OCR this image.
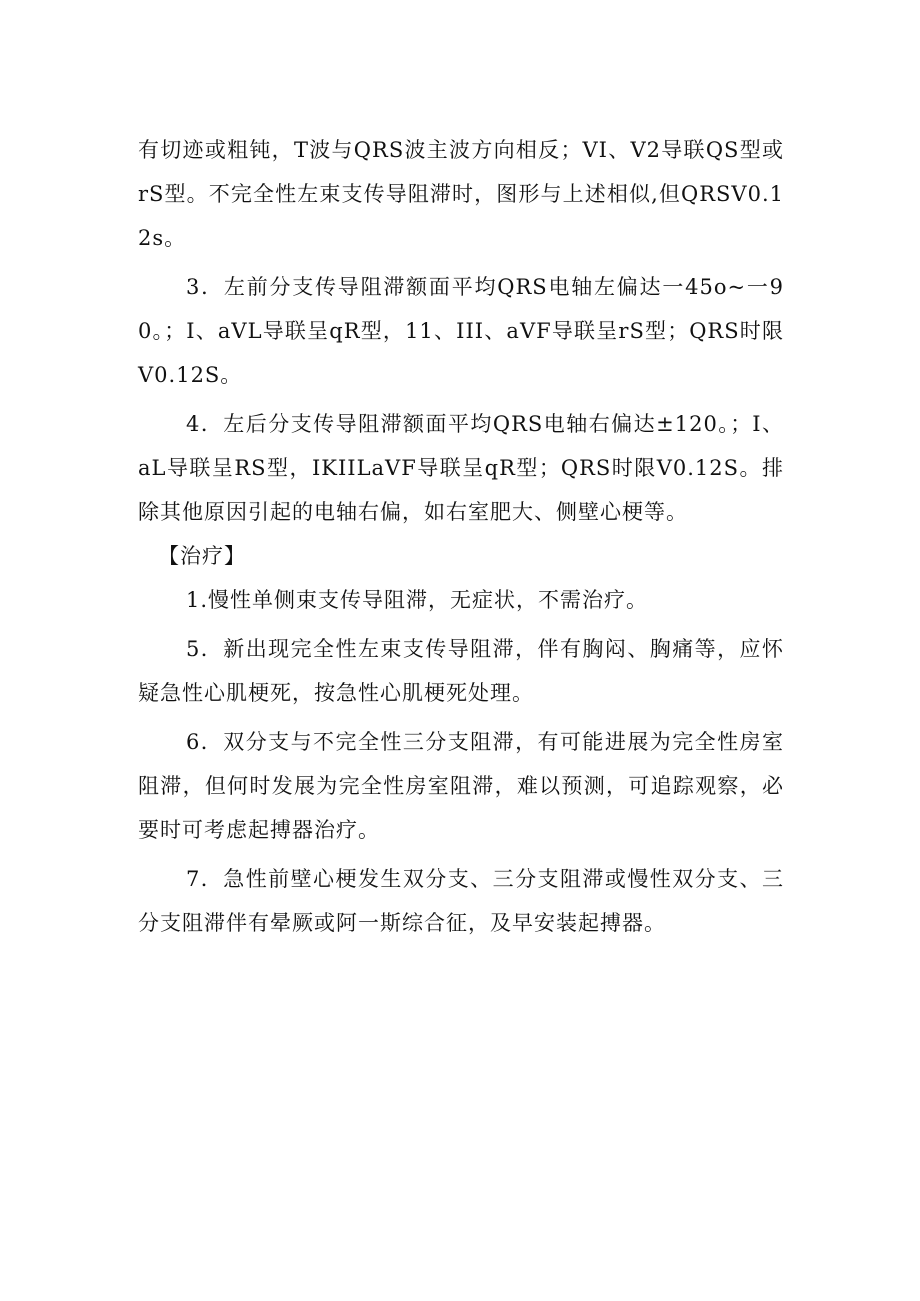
有切迹或粗钝，T波与QRS波主波方向相反；VI、V2导联QS型或rS型。不完全性左束支传导阻滞时，图形与上述相似,但QRSV0.12s。

3．左前分支传导阻滞额面平均QRS电轴左偏达一45o~一90。；I、aVL导联呈qR型，11、III、aVF导联呈rS型；QRS时限V0.12S。

4．左后分支传导阻滞额面平均QRS电轴右偏达±120。；I、aL导联呈RS型，IKIILaVF导联呈qR型；QRS时限V0.12S。排除其他原因引起的电轴右偏，如右室肥大、侧壁心梗等。

【治疗】

1.慢性单侧束支传导阻滞，无症状，不需治疗。

5．新出现完全性左束支传导阻滞，伴有胸闷、胸痛等，应怀疑急性心肌梗死，按急性心肌梗死处理。

6．双分支与不完全性三分支阻滞，有可能进展为完全性房室阻滞，但何时发展为完全性房室阻滞，难以预测，可追踪观察，必要时可考虑起搏器治疗。

7．急性前壁心梗发生双分支、三分支阻滞或慢性双分支、三分支阻滞伴有晕厥或阿一斯综合征，及早安装起搏器。
